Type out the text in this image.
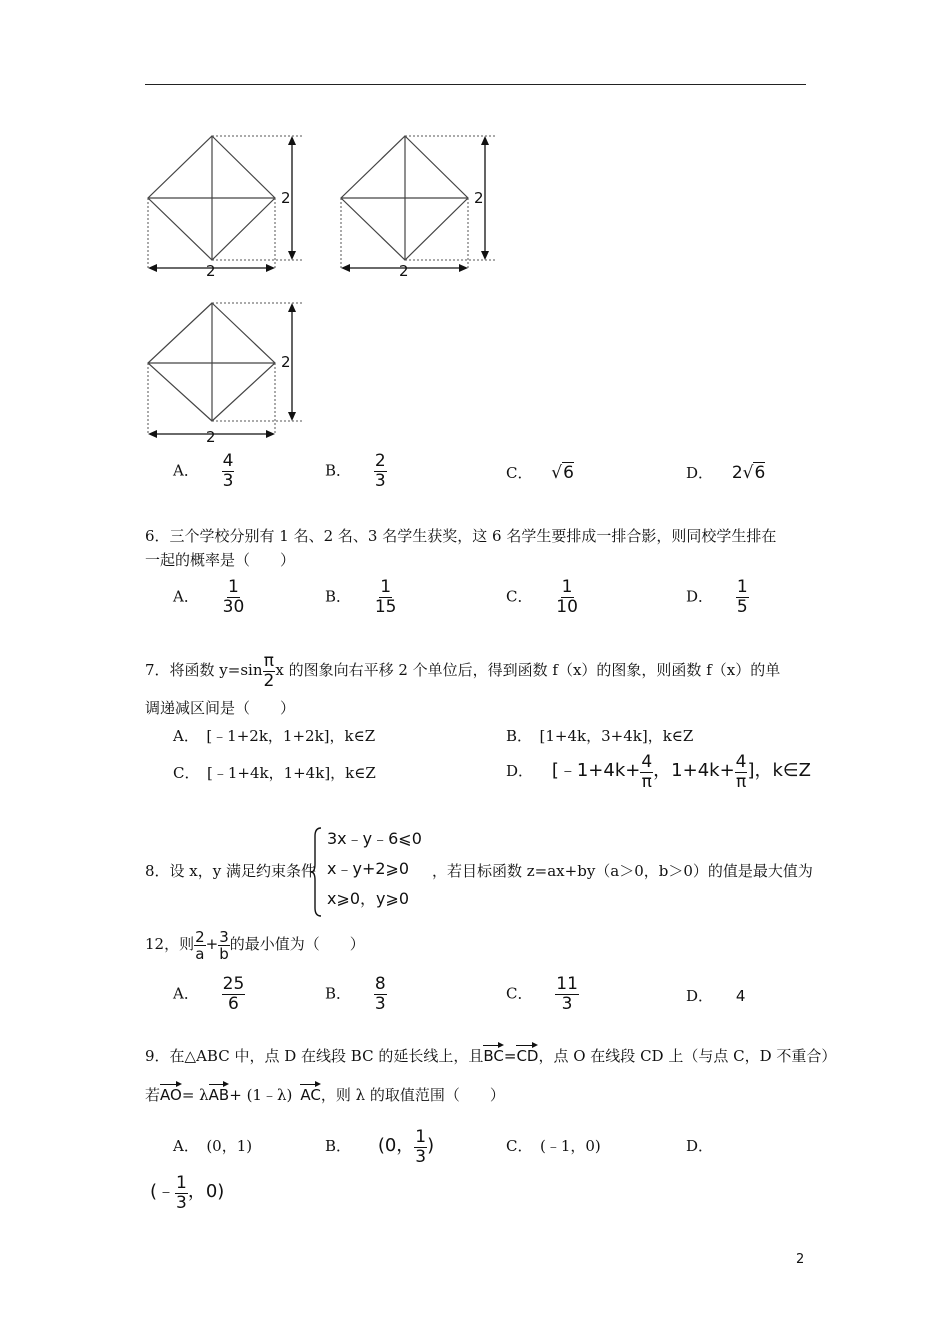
2
2
2
2
2
2
A． $\frac{4}{3}$	B． $\frac{2}{3}$	C． √6	D． 2√6
6．三个学校分别有 1 名、2 名、3 名学生获奖，这 6 名学生要排成一排合影，则同校学生排在
一起的概率是（　　）
A． $\frac{1}{30}$	B． $\frac{1}{15}$	C． $\frac{1}{10}$	D． $\frac{1}{5}$
7．将函数 $y=\sin \frac{\pi}{2}$ x 的图象向右平移 2 个单位后，得到函数 f（x）的图象，则函数 f（x）的单
调递减区间是（　　）
A．　[﹣1+2k，1+2k]，k∈Z	B．　[1+4k，3+4k]，k∈Z
C．　[﹣1+4k，1+4k]，k∈Z	D． [﹣1+4k+ $\frac{4}{\pi}$ ，$1+4k+ \frac{4}{\pi}$ ]，k∈Z
8．设 x，y 满足约束条件
3x﹣y﹣6⩽0
x﹣y+2⩾0
x⩾0，y⩾0
，若目标函数 z=ax+by（a＞0，b＞0）的值是最大值为
12，则 $\frac{2}{a} + \frac{3}{b}$ 的最小值为（　　）
A． $\frac{25}{6}$	B． $\frac{8}{3}$	C． $\frac{11}{3}$	D． 4
9．在△ABC 中，点 D 在线段 BC 的延长线上，且BC=CD，点 O 在线段 CD 上（与点 C，D 不重合）
若AO= λAB+ (1﹣λ) AC，则 λ 的取值范围（　　）
A．　(0，1)	B． (0， $\frac{1}{3}$ )	C．　(﹣1，0)	D．
(﹣ $\frac{1}{3}$ ，0)
2
